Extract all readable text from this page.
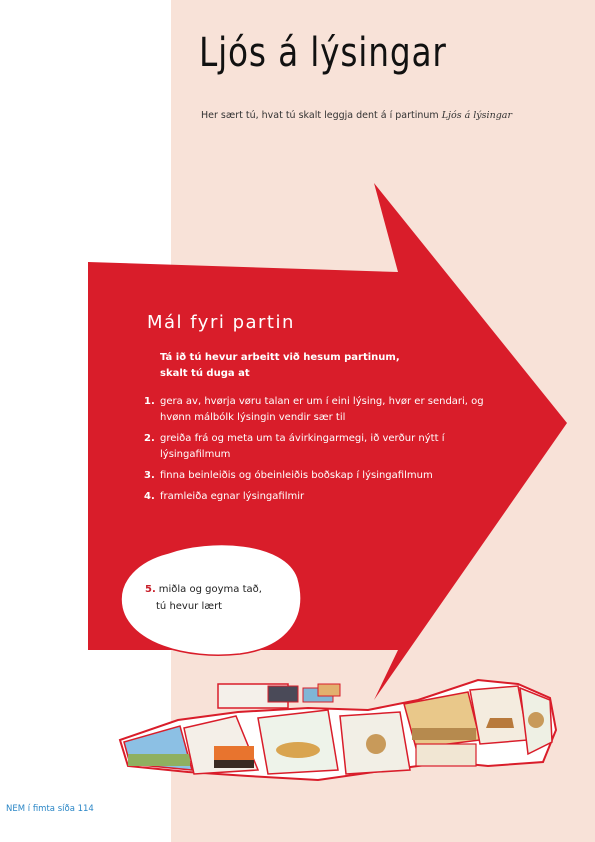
Ljós á lýsingar
Her sært tú, hvat tú skalt leggja dent á í partinum Ljós á lýsingar
Mál fyri partin
Tá ið tú hevur arbeitt við hesum partinum, skalt tú duga at
1. gera av, hvørja vøru talan er um í eini lýsing, hvør er sendari, og hvønn málbólk lýsingin vendir sær til
2. greiða frá og meta um ta ávirkingarmegi, ið verður nýtt í lýsingafilmum
3. finna beinleiðis og óbeinleiðis boðskap í lýsingafilmum
4. framleiða egnar lýsingafilmir
5. miðla og goyma tað,
tú hevur lært
NEM í fimta síða 114
